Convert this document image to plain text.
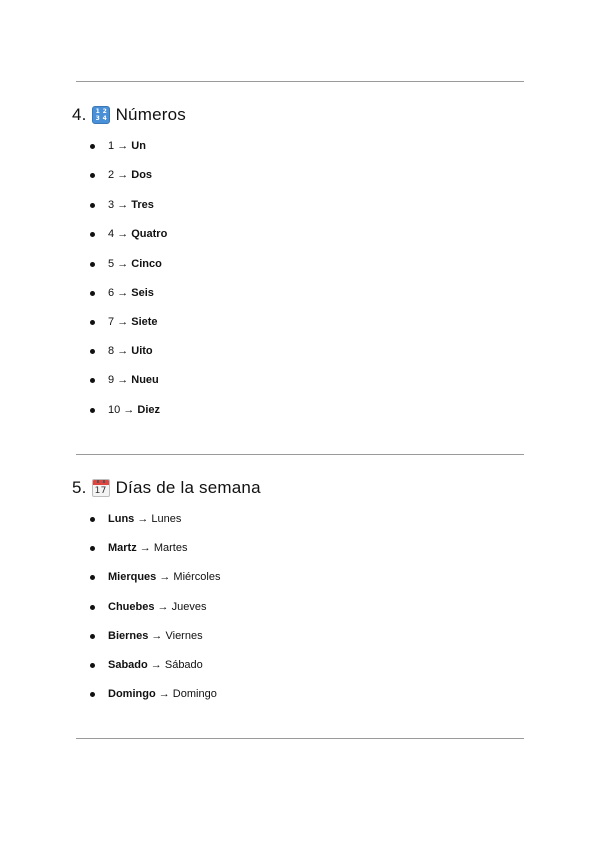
4. 1 2
3 4 Números
1 → Un
2 → Dos
3 → Tres
4 → Quatro
5 → Cinco
6 → Seis
7 → Siete
8 → Uito
9 → Nueu
10 → Diez
5. 17 Días de la semana
Luns → Lunes
Martz → Martes
Mierques → Miércoles
Chuebes → Jueves
Biernes → Viernes
Sabado → Sábado
Domingo → Domingo
